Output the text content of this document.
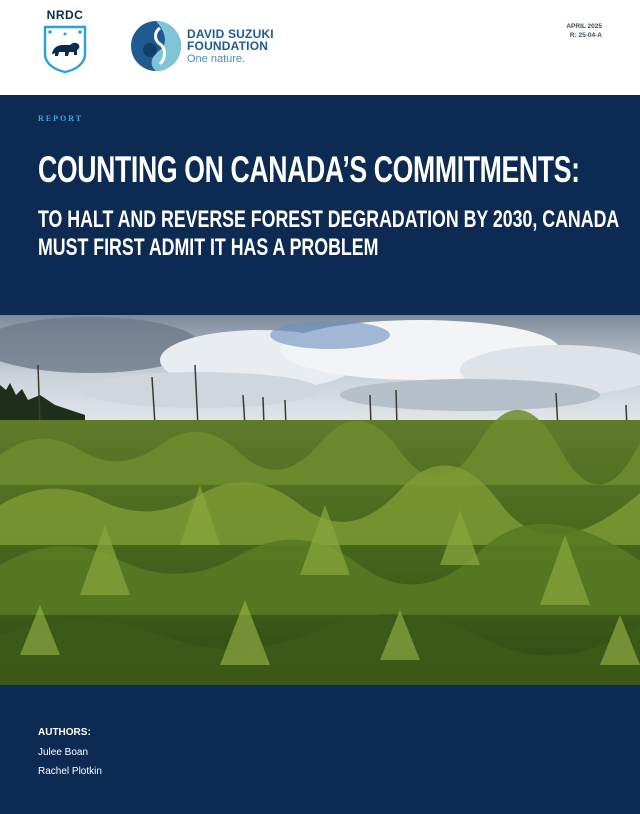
NRDC
DAVID SUZUKI
FOUNDATION
One nature.
APRIL 2025
R: 25-04-A
REPORT
COUNTING ON CANADA’S COMMITMENTS:
TO HALT AND REVERSE FOREST DEGRADATION BY 2030, CANADA
MUST FIRST ADMIT IT HAS A PROBLEM
AUTHORS:
Julee Boan
Rachel Plotkin
